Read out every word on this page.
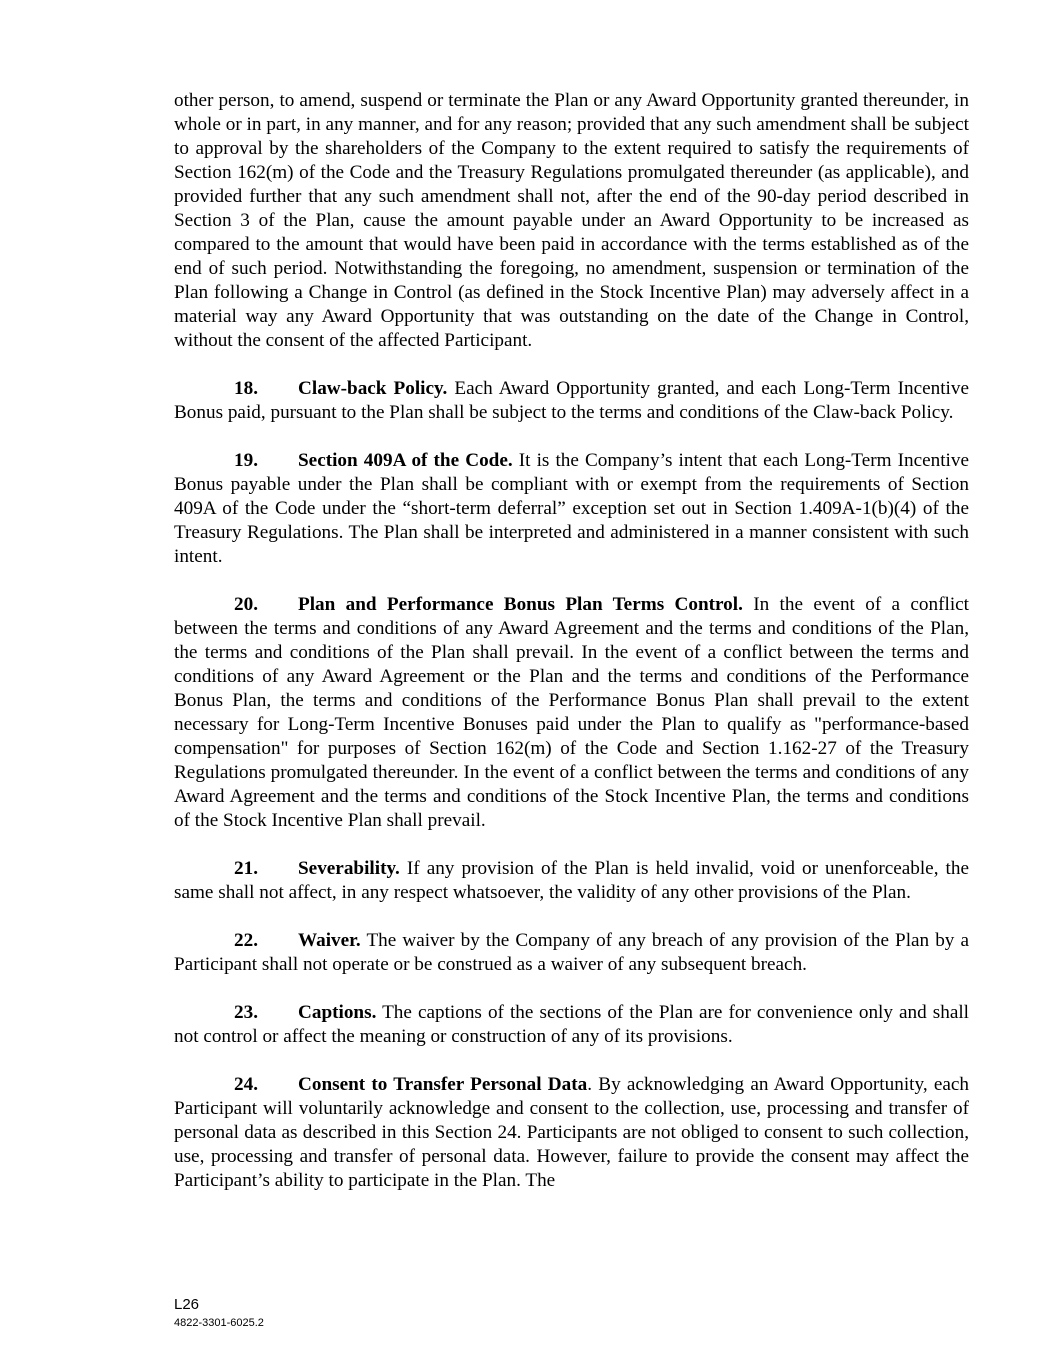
other person, to amend, suspend or terminate the Plan or any Award Opportunity granted thereunder, in whole or in part, in any manner, and for any reason; provided that any such amendment shall be subject to approval by the shareholders of the Company to the extent required to satisfy the requirements of Section 162(m) of the Code and the Treasury Regulations promulgated thereunder (as applicable), and provided further that any such amendment shall not, after the end of the 90-day period described in Section 3 of the Plan, cause the amount payable under an Award Opportunity to be increased as compared to the amount that would have been paid in accordance with the terms established as of the end of such period. Notwithstanding the foregoing, no amendment, suspension or termination of the Plan following a Change in Control (as defined in the Stock Incentive Plan) may adversely affect in a material way any Award Opportunity that was outstanding on the date of the Change in Control, without the consent of the affected Participant.

18. Claw-back Policy. Each Award Opportunity granted, and each Long-Term Incentive Bonus paid, pursuant to the Plan shall be subject to the terms and conditions of the Claw-back Policy.

19. Section 409A of the Code. It is the Company’s intent that each Long-Term Incentive Bonus payable under the Plan shall be compliant with or exempt from the requirements of Section 409A of the Code under the “short-term deferral” exception set out in Section 1.409A-1(b)(4) of the Treasury Regulations. The Plan shall be interpreted and administered in a manner consistent with such intent.

20. Plan and Performance Bonus Plan Terms Control. In the event of a conflict between the terms and conditions of any Award Agreement and the terms and conditions of the Plan, the terms and conditions of the Plan shall prevail. In the event of a conflict between the terms and conditions of any Award Agreement or the Plan and the terms and conditions of the Performance Bonus Plan, the terms and conditions of the Performance Bonus Plan shall prevail to the extent necessary for Long-Term Incentive Bonuses paid under the Plan to qualify as "performance-based compensation" for purposes of Section 162(m) of the Code and Section 1.162-27 of the Treasury Regulations promulgated thereunder. In the event of a conflict between the terms and conditions of any Award Agreement and the terms and conditions of the Stock Incentive Plan, the terms and conditions of the Stock Incentive Plan shall prevail.

21. Severability. If any provision of the Plan is held invalid, void or unenforceable, the same shall not affect, in any respect whatsoever, the validity of any other provisions of the Plan.

22. Waiver. The waiver by the Company of any breach of any provision of the Plan by a Participant shall not operate or be construed as a waiver of any subsequent breach.

23. Captions. The captions of the sections of the Plan are for convenience only and shall not control or affect the meaning or construction of any of its provisions.

24. Consent to Transfer Personal Data. By acknowledging an Award Opportunity, each Participant will voluntarily acknowledge and consent to the collection, use, processing and transfer of personal data as described in this Section 24. Participants are not obliged to consent to such collection, use, processing and transfer of personal data. However, failure to provide the consent may affect the Participant’s ability to participate in the Plan. The

L26
4822-3301-6025.2
